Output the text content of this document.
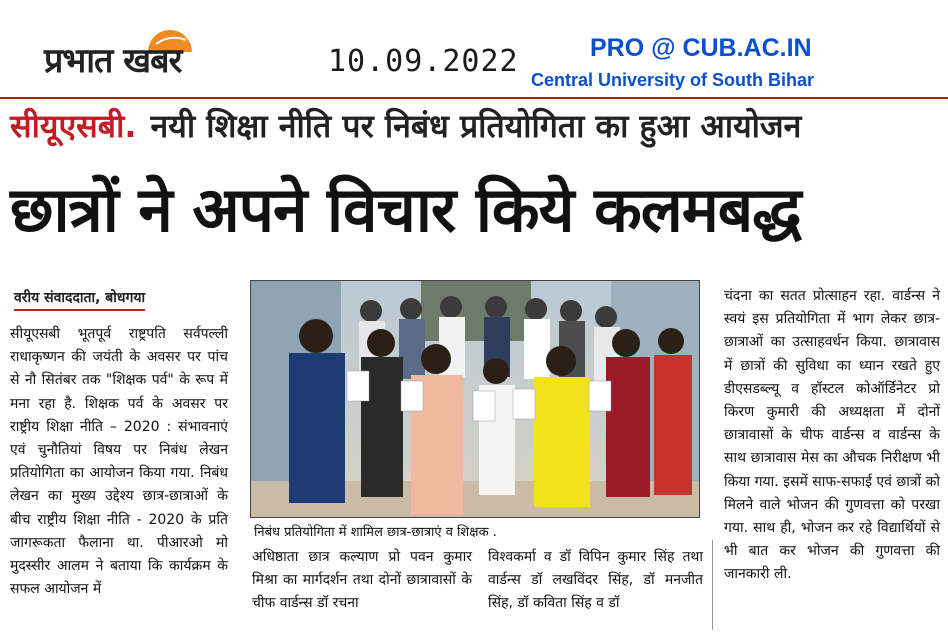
प्रभात खबर	10.09.2022	PRO @ CUB.AC.IN
Central University of South Bihar
सीयूएसबी. नयी शिक्षा नीति पर निबंध प्रतियोगिता का हुआ आयोजन
छात्रों ने अपने विचार किये कलमबद्ध
वरीय संवाददाता, बोधगया
सीयूएसबी भूतपूर्व राष्ट्रपति सर्वपल्ली राधाकृष्णन की जयंती के अवसर पर पांच से नौ सितंबर तक "शिक्षक पर्व" के रूप में मना रहा है. शिक्षक पर्व के अवसर पर राष्ट्रीय शिक्षा नीति – 2020 : संभावनाएं एवं चुनौतियां विषय पर निबंध लेखन प्रतियोगिता का आयोजन किया गया. निबंध लेखन का मुख्य उद्देश्य छात्र-छात्राओं के बीच राष्ट्रीय शिक्षा नीति - 2020 के प्रति जागरूकता फैलाना था. पीआरओ मो मुदस्सीर आलम ने बताया कि कार्यक्रम के सफल आयोजन में
निबंध प्रतियोगिता में शामिल छात्र-छात्राएं व शिक्षक .
अधिष्ठाता छात्र कल्याण प्रो पवन कुमार मिश्रा का मार्गदर्शन तथा दोनों छात्रावासों के चीफ वार्डन्स डॉ रचना
विश्वकर्मा व डॉ विपिन कुमार सिंह तथा वार्डन्स डॉ लखविंदर सिंह, डॉ मनजीत सिंह, डॉ कविता सिंह व डॉ
चंदना का सतत प्रोत्साहन रहा. वार्डन्स ने स्वयं इस प्रतियोगिता में भाग लेकर छात्र-छात्राओं का उत्साहवर्धन किया. छात्रावास में छात्रों की सुविधा का ध्यान रखते हुए डीएसडब्ल्यू व हॉस्टल कोऑर्डिनेटर प्रो किरण कुमारी की अध्यक्षता में दोनों छात्रावासों के चीफ वार्डन्स व वार्डन्स के साथ छात्रावास मेस का औचक निरीक्षण भी किया गया. इसमें साफ-सफाई एवं छात्रों को मिलने वाले भोजन की गुणवत्ता को परखा गया. साथ ही, भोजन कर रहे विद्यार्थियों से भी बात कर भोजन की गुणवत्ता की जानकारी ली.
